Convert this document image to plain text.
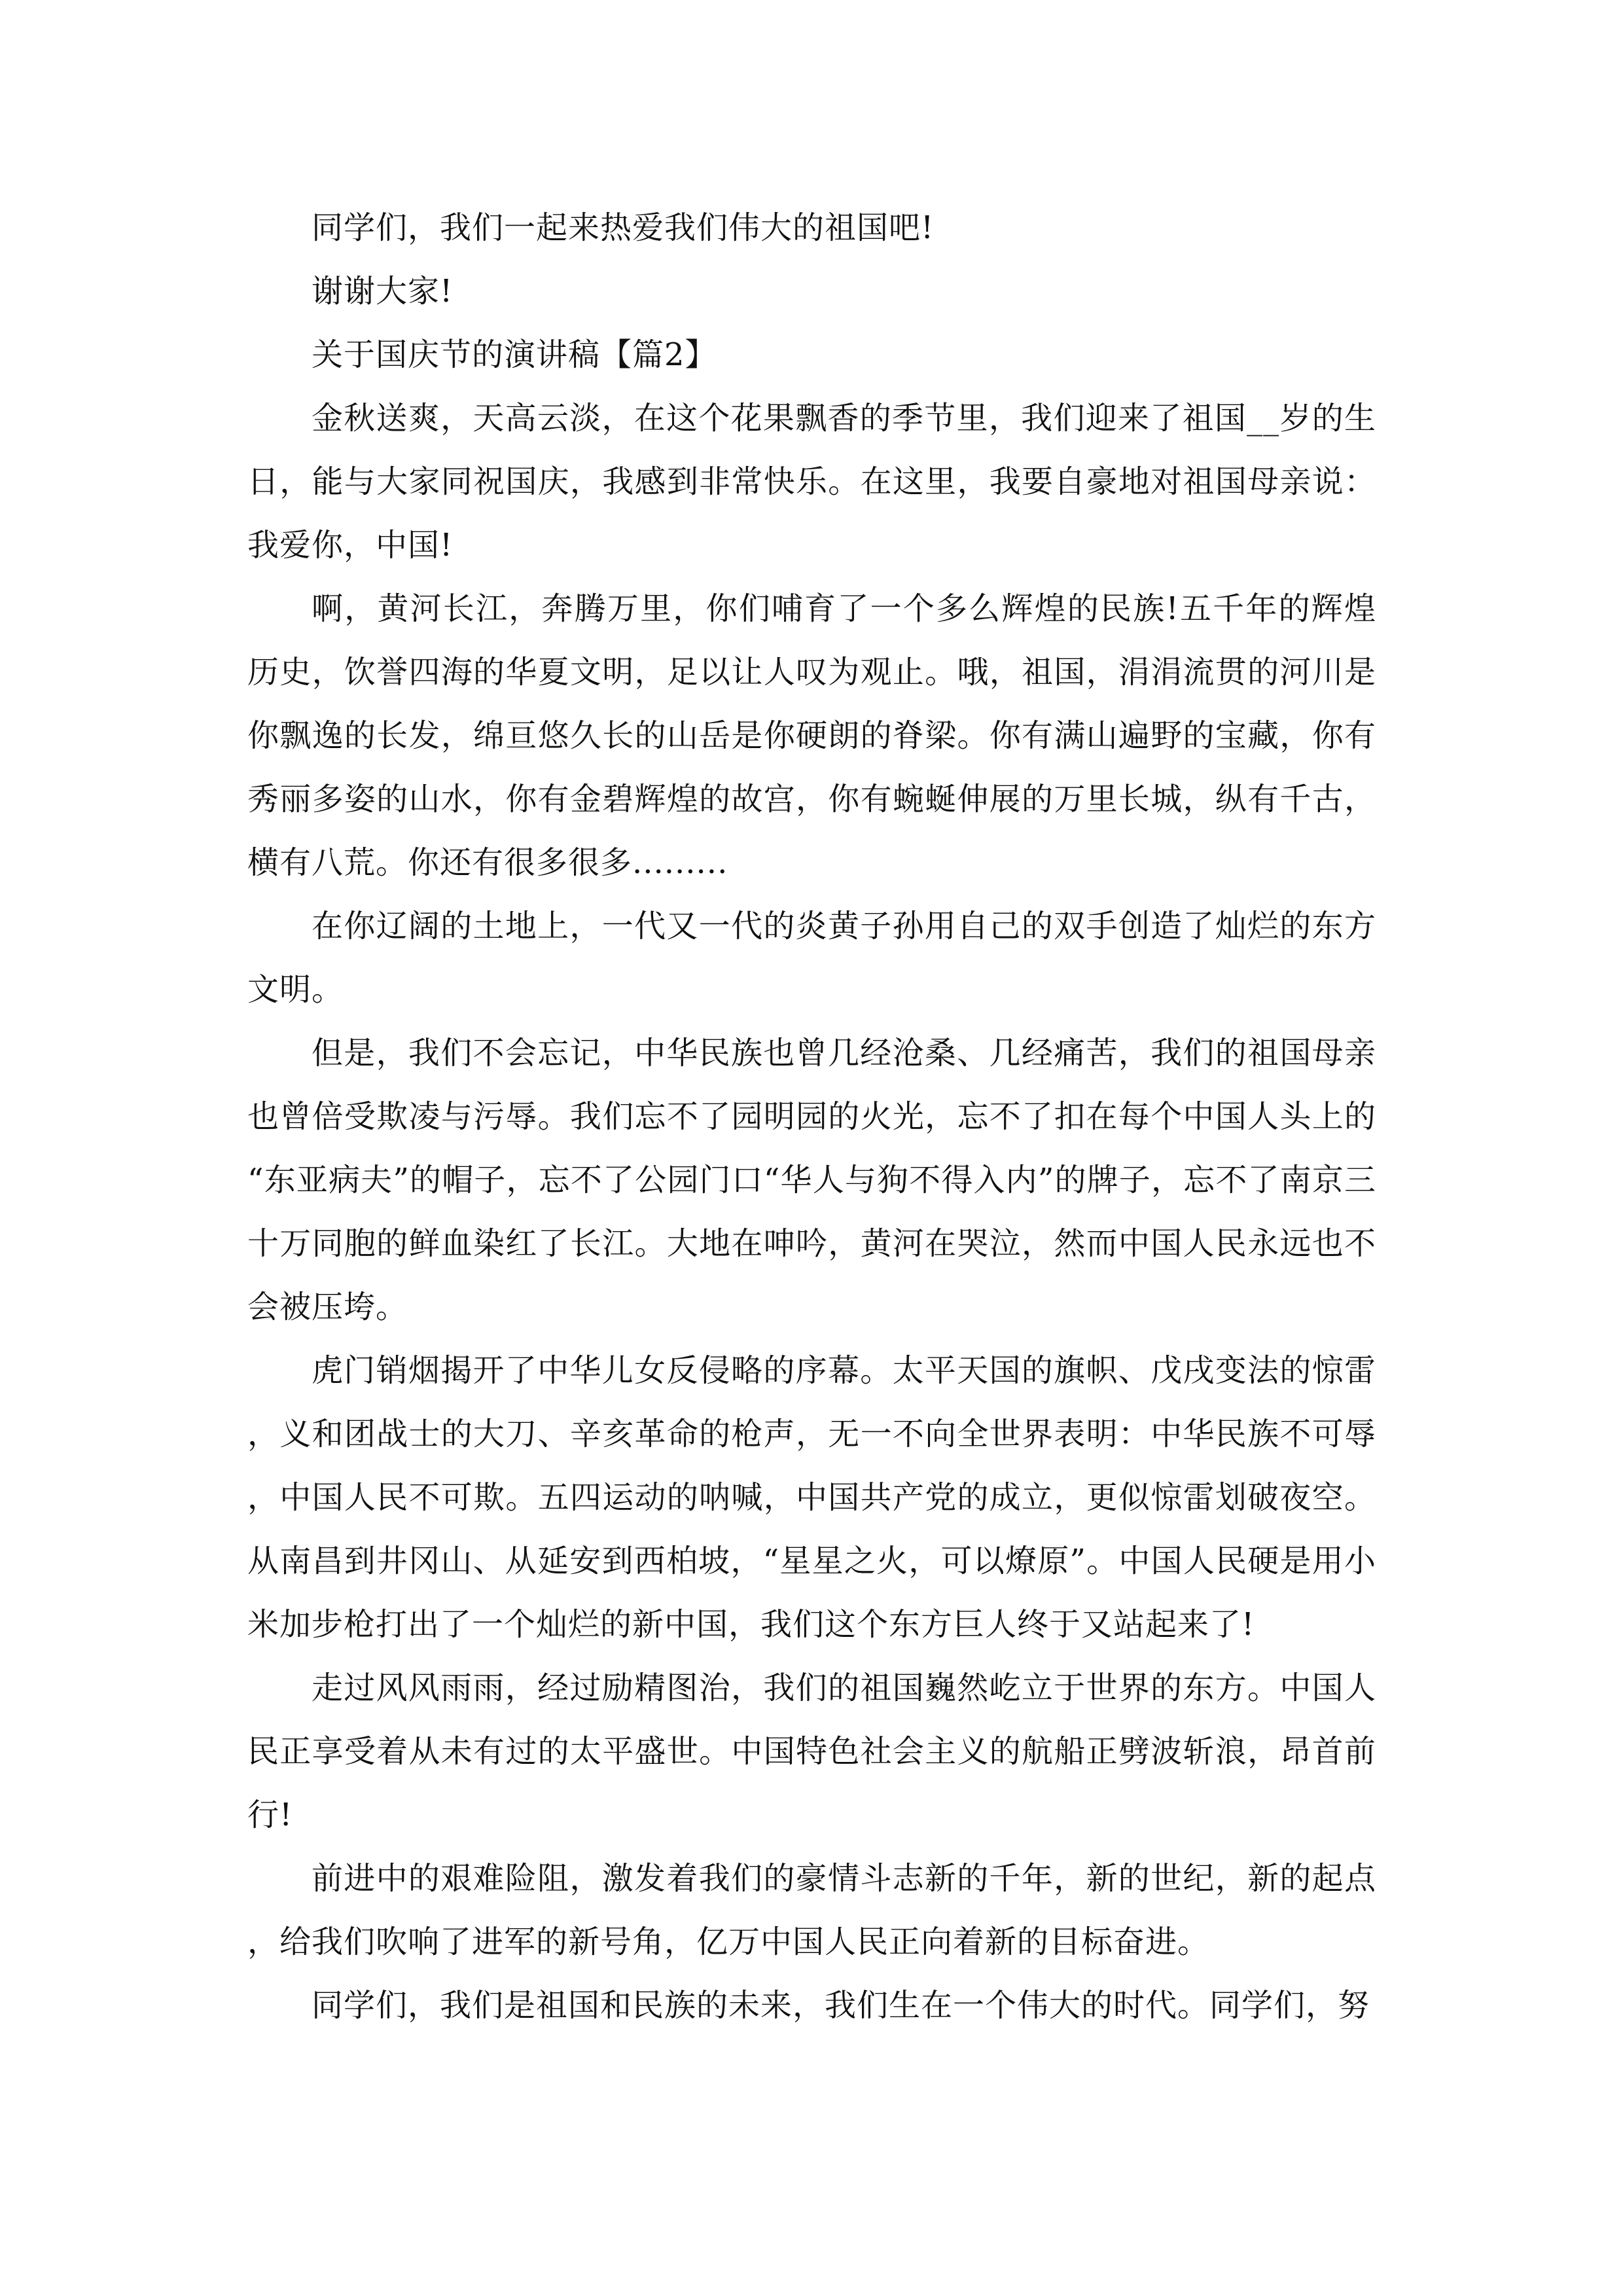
同学们，我们一起来热爱我们伟大的祖国吧!

谢谢大家!

关于国庆节的演讲稿【篇2】

金秋送爽，天高云淡，在这个花果飘香的季节里，我们迎来了祖国__岁的生日，能与大家同祝国庆，我感到非常快乐。在这里，我要自豪地对祖国母亲说：我爱你，中国!

啊，黄河长江，奔腾万里，你们哺育了一个多么辉煌的民族!五千年的辉煌历史，饮誉四海的华夏文明，足以让人叹为观止。哦，祖国，涓涓流贯的河川是你飘逸的长发，绵亘悠久长的山岳是你硬朗的脊梁。你有满山遍野的宝藏，你有秀丽多姿的山水，你有金碧辉煌的故宫，你有蜿蜒伸展的万里长城，纵有千古，横有八荒。你还有很多很多.........

在你辽阔的土地上，一代又一代的炎黄子孙用自己的双手创造了灿烂的东方文明。

但是，我们不会忘记，中华民族也曾几经沧桑、几经痛苦，我们的祖国母亲也曾倍受欺凌与污辱。我们忘不了园明园的火光，忘不了扣在每个中国人头上的“东亚病夫”的帽子，忘不了公园门口“华人与狗不得入内”的牌子，忘不了南京三十万同胞的鲜血染红了长江。大地在呻吟，黄河在哭泣，然而中国人民永远也不会被压垮。

虎门销烟揭开了中华儿女反侵略的序幕。太平天国的旗帜、戊戌变法的惊雷，义和团战士的大刀、辛亥革命的枪声，无一不向全世界表明：中华民族不可辱，中国人民不可欺。五四运动的呐喊，中国共产党的成立，更似惊雷划破夜空。从南昌到井冈山、从延安到西柏坡，“星星之火，可以燎原”。中国人民硬是用小米加步枪打出了一个灿烂的新中国，我们这个东方巨人终于又站起来了!

走过风风雨雨，经过励精图治，我们的祖国巍然屹立于世界的东方。中国人民正享受着从未有过的太平盛世。中国特色社会主义的航船正劈波斩浪，昂首前行!

前进中的艰难险阻，激发着我们的豪情斗志新的千年，新的世纪，新的起点，给我们吹响了进军的新号角，亿万中国人民正向着新的目标奋进。

同学们，我们是祖国和民族的未来，我们生在一个伟大的时代。同学们，努
